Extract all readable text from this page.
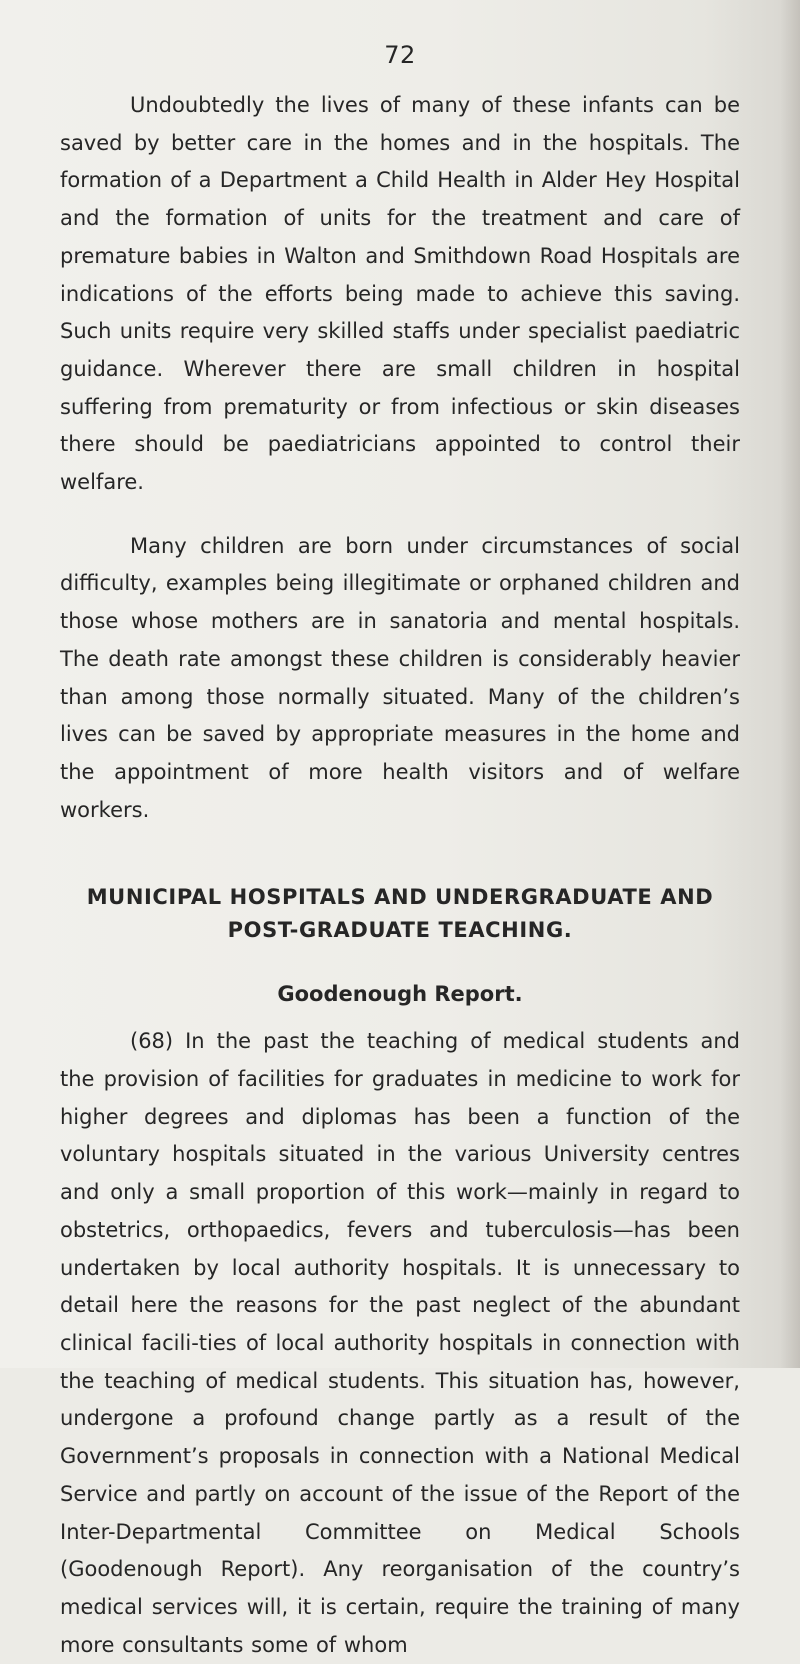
72

Undoubtedly the lives of many of these infants can be saved by better care in the homes and in the hospitals. The formation of a Department a Child Health in Alder Hey Hospital and the formation of units for the treatment and care of premature babies in Walton and Smithdown Road Hospitals are indications of the efforts being made to achieve this saving. Such units require very skilled staffs under specialist paediatric guidance. Wherever there are small children in hospital suffering from prematurity or from infectious or skin diseases there should be paediatricians appointed to control their welfare.

Many children are born under circumstances of social difficulty, examples being illegitimate or orphaned children and those whose mothers are in sanatoria and mental hospitals. The death rate amongst these children is considerably heavier than among those normally situated. Many of the children’s lives can be saved by appropriate measures in the home and the appointment of more health visitors and of welfare workers.

MUNICIPAL HOSPITALS AND UNDERGRADUATE AND
POST-GRADUATE TEACHING.
Goodenough Report.

(68) In the past the teaching of medical students and the provision of facilities for graduates in medicine to work for higher degrees and diplomas has been a function of the voluntary hospitals situated in the various University centres and only a small proportion of this work—mainly in regard to obstetrics, orthopaedics, fevers and tuberculosis—has been undertaken by local authority hospitals. It is unnecessary to detail here the reasons for the past neglect of the abundant clinical facili-ties of local authority hospitals in connection with the teaching of medical students. This situation has, however, undergone a profound change partly as a result of the Government’s proposals in connection with a National Medical Service and partly on account of the issue of the Report of the Inter-Departmental Committee on Medical Schools (Goodenough Report). Any reorganisation of the country’s medical services will, it is certain, require the training of many more consultants some of whom
